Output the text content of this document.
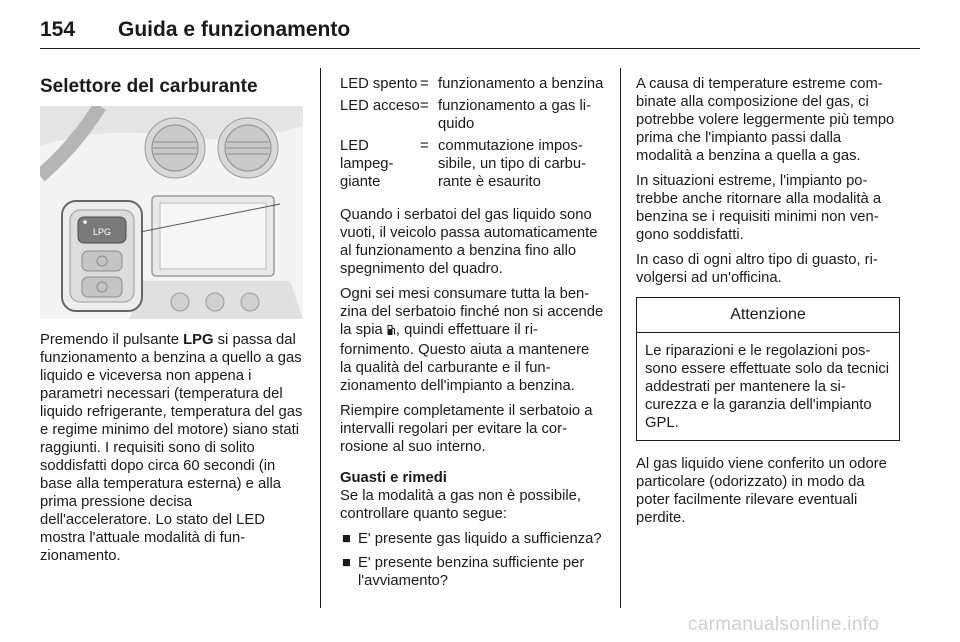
154 Guida e funzionamento
Selettore del carburante
LPG

Premendo il pulsante LPG si passa dal funzionamento a benzina a quello a gas liquido e viceversa non appena i parametri necessari (temperatura del liquido refrigerante, temperatura del gas e regime minimo del motore) siano stati raggiunti. I requisiti sono di solito soddisfatti dopo circa 60 secondi (in base alla temperatura esterna) e alla prima pressione decisa dell'acceleratore. Lo stato del LED mostra l'attuale modalità di funzionamento.

LED spento	=	funzionamento a benzina
LED acceso	=	funzionamento a gas liquido
LED lampeggiante	=	commutazione impossibile, un tipo di carburante è esaurito

Quando i serbatoi del gas liquido sono vuoti, il veicolo passa automaticamente al funzionamento a benzina fino allo spegnimento del quadro.

Ogni sei mesi consumare tutta la benzina del serbatoio finché non si accende la spia , quindi effettuare il rifornimento. Questo aiuta a mantenere la qualità del carburante e il funzionamento dell'impianto a benzina.

Riempire completamente il serbatoio a intervalli regolari per evitare la corrosione al suo interno.

Guasti e rimedi

Se la modalità a gas non è possibile, controllare quanto segue:

■ E' presente gas liquido a sufficienza?
■ E' presente benzina sufficiente per l'avviamento?

A causa di temperature estreme combinate alla composizione del gas, ci potrebbe volere leggermente più tempo prima che l'impianto passi dalla modalità a benzina a quella a gas.

In situazioni estreme, l'impianto potrebbe anche ritornare alla modalità a benzina se i requisiti minimi non vengono soddisfatti.

In caso di ogni altro tipo di guasto, rivolgersi ad un'officina.

Attenzione
Le riparazioni e le regolazioni possono essere effettuate solo da tecnici addestrati per mantenere la sicurezza e la garanzia dell'impianto GPL.

Al gas liquido viene conferito un odore particolare (odorizzato) in modo da poter facilmente rilevare eventuali perdite.

carmanualsonline.info
